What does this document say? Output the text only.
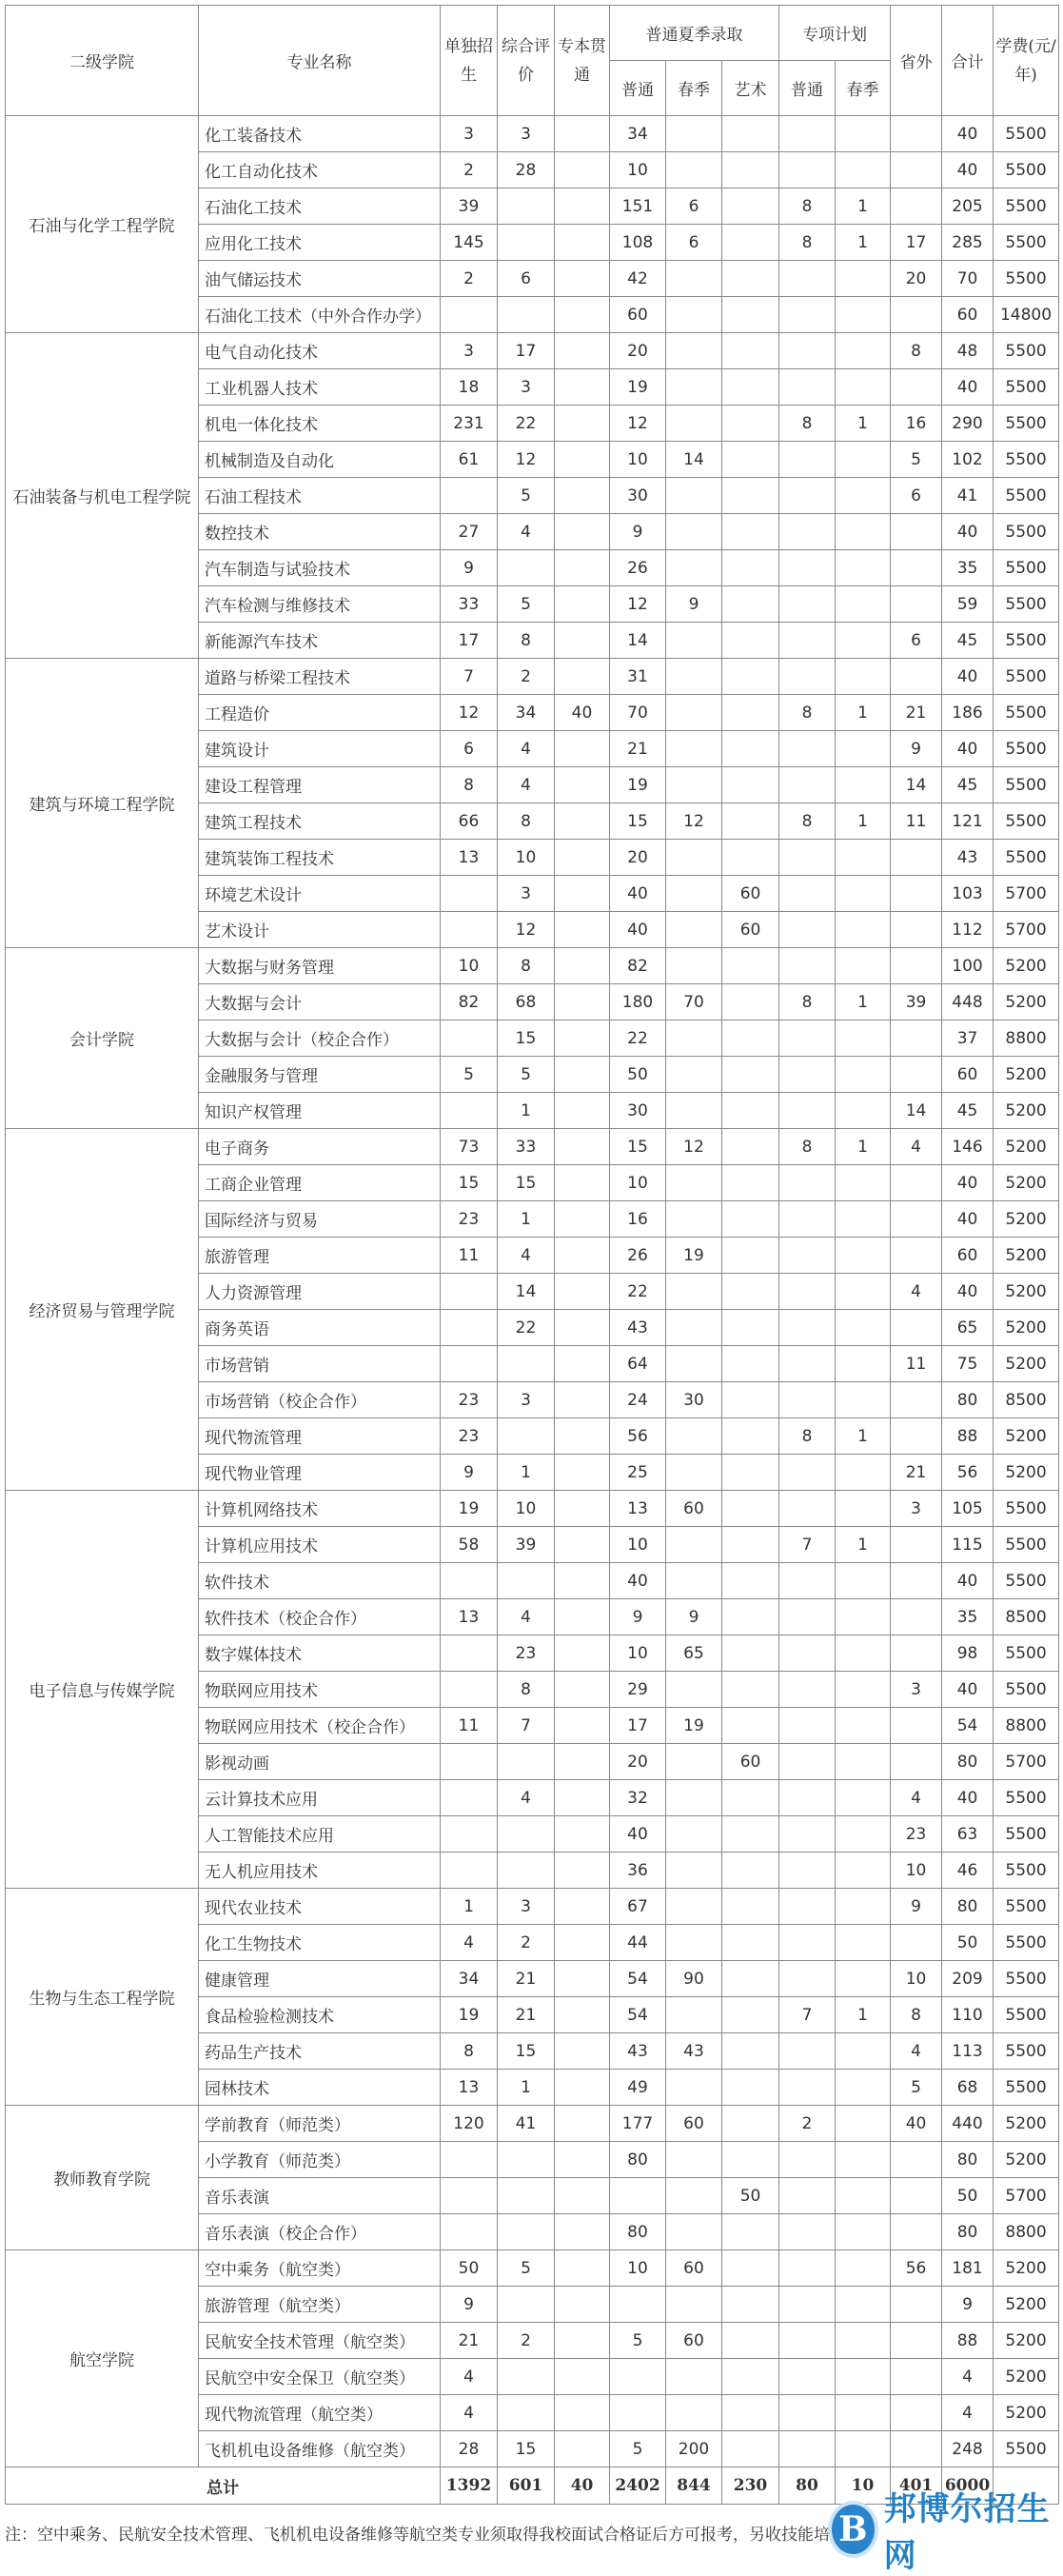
二级学院	专业名称	单独招生	综合评价	专本贯通	普通夏季录取			专项计划		省外	合计	学费(元/年)
					普通	春季	艺术	普通	春季			
石油与化学工程学院	化工装备技术	3	3		34						40	5500
	化工自动化技术	2	28		10						40	5500
	石油化工技术	39			151	6		8	1		205	5500
	应用化工技术	145			108	6		8	1	17	285	5500
	油气储运技术	2	6		42					20	70	5500
	石油化工技术（中外合作办学）				60						60	14800
石油装备与机电工程学院	电气自动化技术	3	17		20					8	48	5500
	工业机器人技术	18	3		19						40	5500
	机电一体化技术	231	22		12			8	1	16	290	5500
	机械制造及自动化	61	12		10	14				5	102	5500
	石油工程技术		5		30					6	41	5500
	数控技术	27	4		9						40	5500
	汽车制造与试验技术	9			26						35	5500
	汽车检测与维修技术	33	5		12	9					59	5500
	新能源汽车技术	17	8		14					6	45	5500
建筑与环境工程学院	道路与桥梁工程技术	7	2		31						40	5500
	工程造价	12	34	40	70			8	1	21	186	5500
	建筑设计	6	4		21					9	40	5500
	建设工程管理	8	4		19					14	45	5500
	建筑工程技术	66	8		15	12		8	1	11	121	5500
	建筑装饰工程技术	13	10		20						43	5500
	环境艺术设计		3		40		60				103	5700
	艺术设计		12		40		60				112	5700
会计学院	大数据与财务管理	10	8		82						100	5200
	大数据与会计	82	68		180	70		8	1	39	448	5200
	大数据与会计（校企合作）		15		22						37	8800
	金融服务与管理	5	5		50						60	5200
	知识产权管理		1		30					14	45	5200
经济贸易与管理学院	电子商务	73	33		15	12		8	1	4	146	5200
	工商企业管理	15	15		10						40	5200
	国际经济与贸易	23	1		16						40	5200
	旅游管理	11	4		26	19					60	5200
	人力资源管理		14		22					4	40	5200
	商务英语		22		43						65	5200
	市场营销				64					11	75	5200
	市场营销（校企合作）	23	3		24	30					80	8500
	现代物流管理	23			56			8	1		88	5200
	现代物业管理	9	1		25					21	56	5200
电子信息与传媒学院	计算机网络技术	19	10		13	60				3	105	5500
	计算机应用技术	58	39		10			7	1		115	5500
	软件技术				40						40	5500
	软件技术（校企合作）	13	4		9	9					35	8500
	数字媒体技术		23		10	65					98	5500
	物联网应用技术		8		29					3	40	5500
	物联网应用技术（校企合作）	11	7		17	19					54	8800
	影视动画				20		60				80	5700
	云计算技术应用		4		32					4	40	5500
	人工智能技术应用				40					23	63	5500
	无人机应用技术				36					10	46	5500
生物与生态工程学院	现代农业技术	1	3		67					9	80	5500
	化工生物技术	4	2		44						50	5500
	健康管理	34	21		54	90				10	209	5500
	食品检验检测技术	19	21		54			7	1	8	110	5500
	药品生产技术	8	15		43	43				4	113	5500
	园林技术	13	1		49					5	68	5500
教师教育学院	学前教育（师范类）	120	41		177	60		2		40	440	5200
	小学教育（师范类）				80						80	5200
	音乐表演						50				50	5700
	音乐表演（校企合作）				80						80	8800
航空学院	空中乘务（航空类）	50	5		10	60				56	181	5200
	旅游管理（航空类）	9									9	5200
	民航安全技术管理（航空类）	21	2		5	60					88	5200
	民航空中安全保卫（航空类）	4									4	5200
	现代物流管理（航空类）	4									4	5200
	飞机机电设备维修（航空类）	28	15		5	200					248	5500
总计		1392	601	40	2402	844	230	80	10	401	6000	
注：空中乘务、民航安全技术管理、飞机机电设备维修等航空类专业须取得我校面试合格证后方可报考，另收技能培 B 邦博尔招生网
